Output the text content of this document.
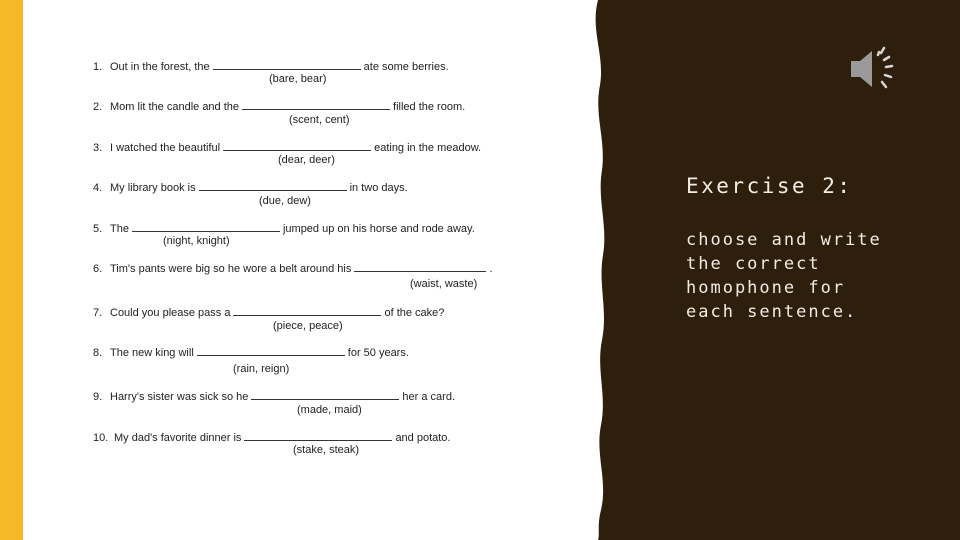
1. Out in the forest, the	ate some berries.
(bare, bear)
2. Mom lit the candle and the	filled the room.
(scent, cent)
3. I watched the beautiful	eating in the meadow.
(dear, deer)
4. My library book is	in two days.
(due, dew)
5. The	jumped up on his horse and rode away.
(night, knight)
6. Tim's pants were big so he wore a belt around his	.
(waist, waste)
7. Could you please pass a	of the cake?
(piece, peace)
8. The new king will	for 50 years.
(rain, reign)
9. Harry's sister was sick so he	her a card.
(made, maid)
10. My dad's favorite dinner is	and potato.
(stake, steak)
Exercise 2:
choose and write
the correct
homophone for
each sentence.
